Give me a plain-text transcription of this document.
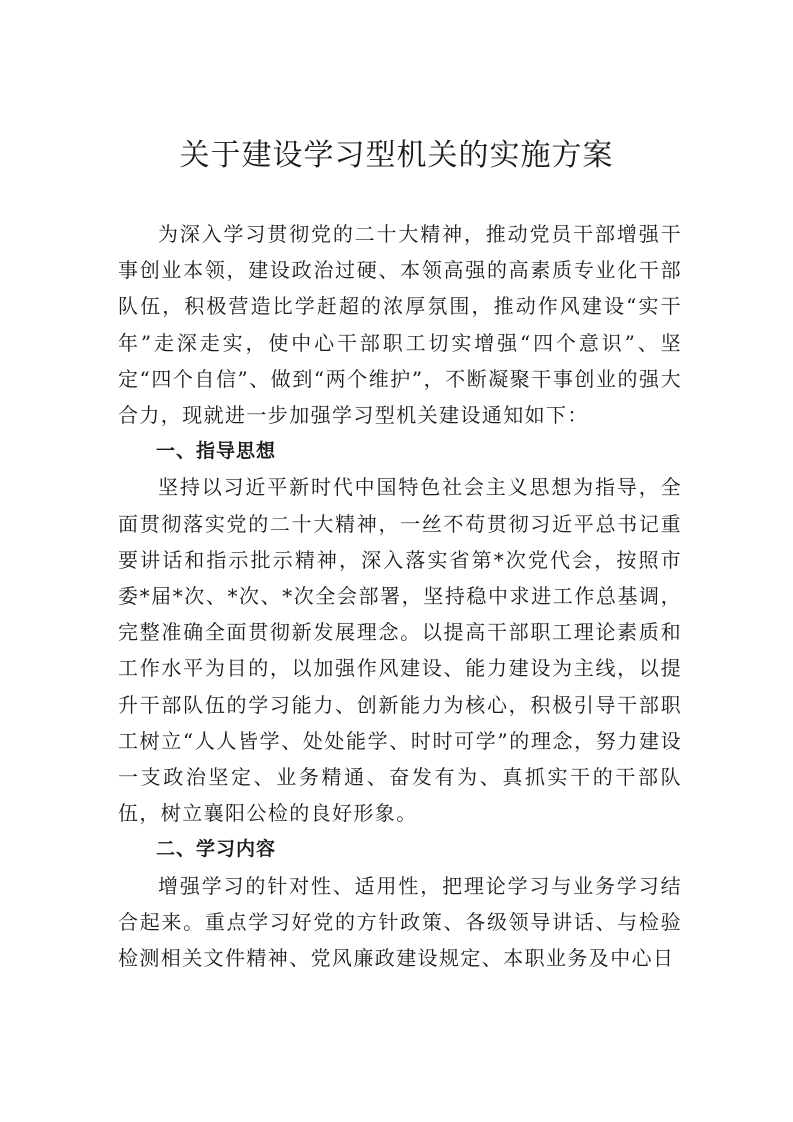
关于建设学习型机关的实施方案

为深入学习贯彻党的二十大精神，推动党员干部增强干事创业本领，建设政治过硬、本领高强的高素质专业化干部队伍，积极营造比学赶超的浓厚氛围，推动作风建设“实干年”走深走实，使中心干部职工切实增强“四个意识”、坚定“四个自信”、做到“两个维护”，不断凝聚干事创业的强大合力，现就进一步加强学习型机关建设通知如下：

一、指导思想

坚持以习近平新时代中国特色社会主义思想为指导，全面贯彻落实党的二十大精神，一丝不苟贯彻习近平总书记重要讲话和指示批示精神，深入落实省第*次党代会，按照市委*届*次、*次、*次全会部署，坚持稳中求进工作总基调，完整准确全面贯彻新发展理念。以提高干部职工理论素质和工作水平为目的，以加强作风建设、能力建设为主线，以提升干部队伍的学习能力、创新能力为核心，积极引导干部职工树立“人人皆学、处处能学、时时可学”的理念，努力建设一支政治坚定、业务精通、奋发有为、真抓实干的干部队伍，树立襄阳公检的良好形象。

二、学习内容

增强学习的针对性、适用性，把理论学习与业务学习结合起来。重点学习好党的方针政策、各级领导讲话、与检验检测相关文件精神、党风廉政建设规定、本职业务及中心日
